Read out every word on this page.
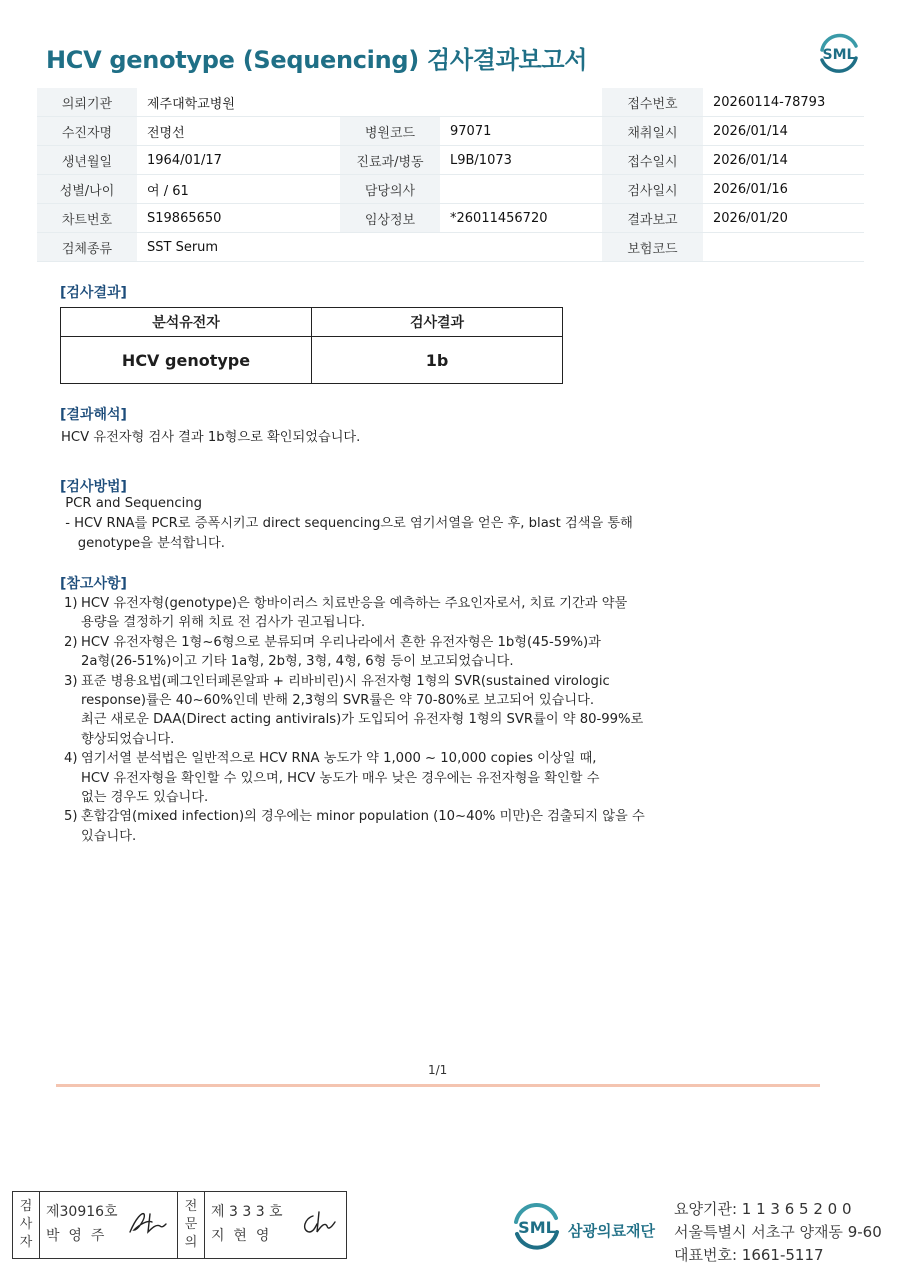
HCV genotype (Sequencing) 검사결과보고서	SML
의뢰기관	제주대학교병원			접수번호	20260114-78793
수진자명	전명선	병원코드	97071	채취일시	2026/01/14
생년월일	1964/01/17	진료과/병동	L9B/1073	접수일시	2026/01/14
성별/나이	여 / 61	담당의사		검사일시	2026/01/16
차트번호	S19865650	임상정보	*26011456720	결과보고	2026/01/20
검체종류	SST Serum			보험코드	
[검사결과]
분석유전자	검사결과
HCV genotype	1b
[결과해석]
HCV 유전자형 검사 결과 1b형으로 확인되었습니다.
[검사방법]
PCR and Sequencing
- HCV RNA를 PCR로 증폭시키고 direct sequencing으로 염기서열을 얻은 후, blast 검색을 통해
genotype을 분석합니다.
[참고사항]
1) HCV 유전자형(genotype)은 항바이러스 치료반응을 예측하는 주요인자로서, 치료 기간과 약물
용량을 결정하기 위해 치료 전 검사가 권고됩니다.
2) HCV 유전자형은 1형~6형으로 분류되며 우리나라에서 흔한 유전자형은 1b형(45-59%)과
2a형(26-51%)이고 기타 1a형, 2b형, 3형, 4형, 6형 등이 보고되었습니다.
3) 표준 병용요법(페그인터페론알파 + 리바비린)시 유전자형 1형의 SVR(sustained virologic
response)률은 40~60%인데 반해 2,3형의 SVR률은 약 70-80%로 보고되어 있습니다.
최근 새로운 DAA(Direct acting antivirals)가 도입되어 유전자형 1형의 SVR률이 약 80-99%로
향상되었습니다.
4) 염기서열 분석법은 일반적으로 HCV RNA 농도가 약 1,000 ~ 10,000 copies 이상일 때,
HCV 유전자형을 확인할 수 있으며, HCV 농도가 매우 낮은 경우에는 유전자형을 확인할 수
없는 경우도 있습니다.
5) 혼합감염(mixed infection)의 경우에는 minor population (10~40% 미만)은 검출되지 않을 수
있습니다.
1/1
검
사
자
제30916호
박  영  주
전
문
의
제 3 3 3 호
지  현  영	SML 삼광의료재단
요양기관: 1 1 3 6 5 2 0 0
서울특별시 서초구 양재동 9-60
대표번호: 1661-5117
